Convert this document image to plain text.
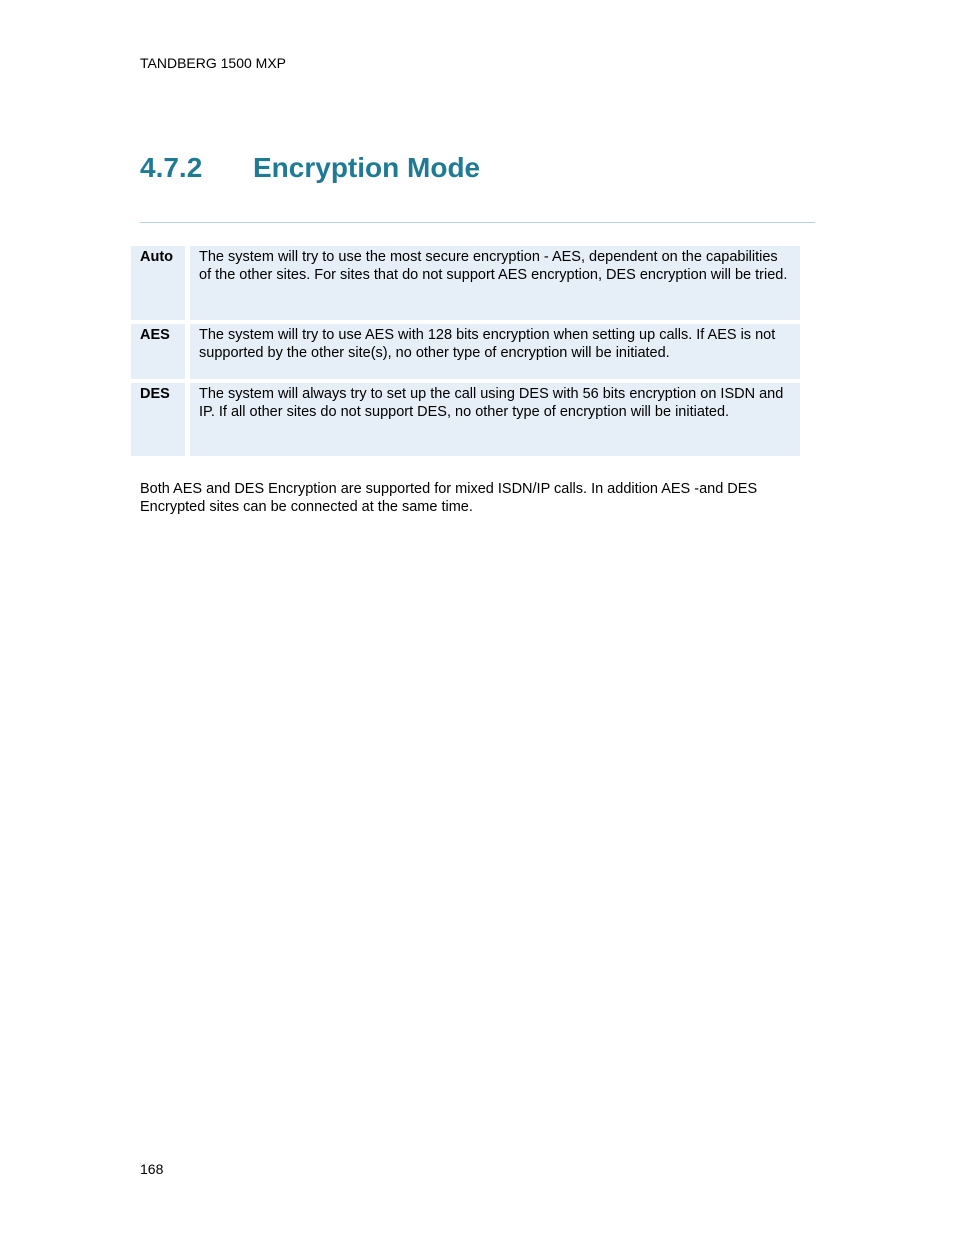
TANDBERG 1500 MXP
4.7.2 Encryption Mode
Auto	The system will try to use the most secure encryption - AES, dependent on the capabilities of the other sites. For sites that do not support AES encryption, DES encryption will be tried.
AES	The system will try to use AES with 128 bits encryption when setting up calls. If AES is not supported by the other site(s), no other type of encryption will be initiated.
DES	The system will always try to set up the call using DES with 56 bits encryption on ISDN and IP. If all other sites do not support DES, no other type of encryption will be initiated.
Both AES and DES Encryption are supported for mixed ISDN/IP calls. In addition AES -and DES Encrypted sites can be connected at the same time.
168
